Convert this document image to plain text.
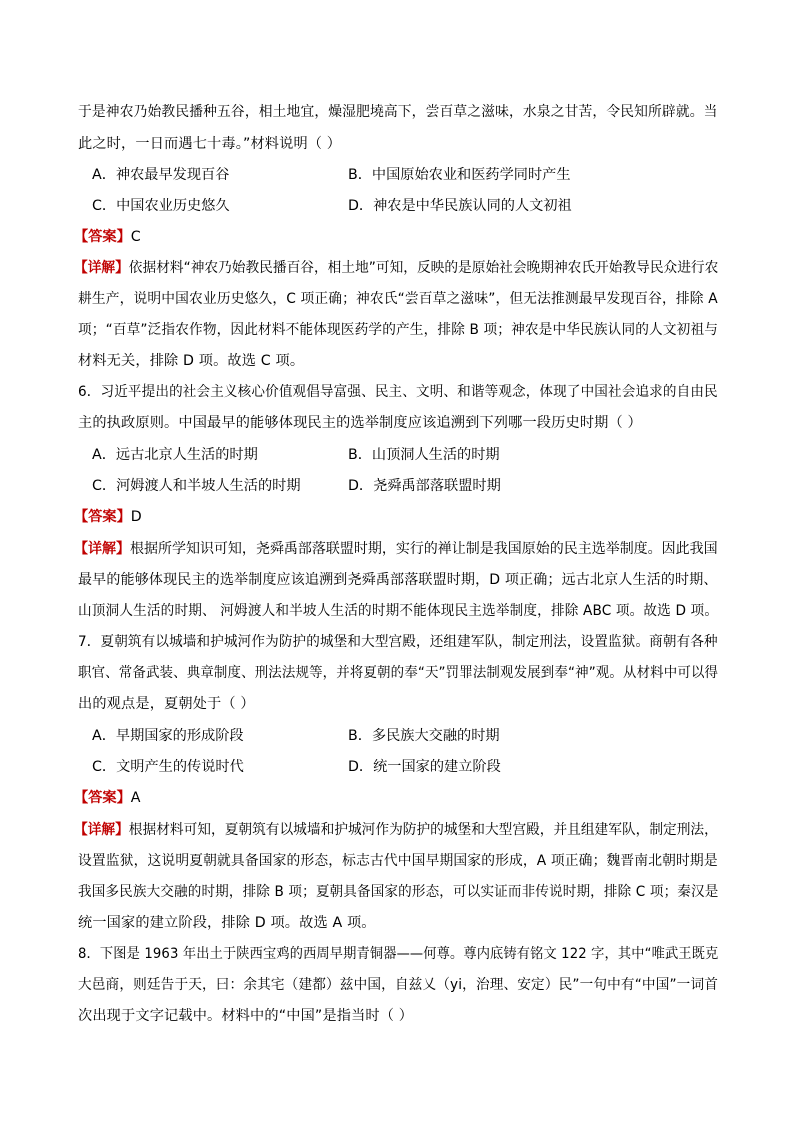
于是神农乃始教民播种五谷，相土地宜，燥湿肥墝高下，尝百草之滋味，水泉之甘苦，令民知所辟就。当
此之时，一日而遇七十毒。”材料说明（ ）
A．神农最早发现百谷	B．中国原始农业和医药学同时产生
C．中国农业历史悠久	D．神农是中华民族认同的人文初祖
【答案】C
【详解】依据材料“神农乃始教民播百谷，相土地”可知，反映的是原始社会晚期神农氏开始教导民众进行农
耕生产，说明中国农业历史悠久，C 项正确；神农氏“尝百草之滋味”，但无法推测最早发现百谷，排除 A
项；“百草”泛指农作物，因此材料不能体现医药学的产生，排除 B 项；神农是中华民族认同的人文初祖与
材料无关，排除 D 项。故选 C 项。
6．习近平提出的社会主义核心价值观倡导富强、民主、文明、和谐等观念，体现了中国社会追求的自由民
主的执政原则。中国最早的能够体现民主的选举制度应该追溯到下列哪一段历史时期（ ）
A．远古北京人生活的时期	B．山顶洞人生活的时期
C．河姆渡人和半坡人生活的时期	D．尧舜禹部落联盟时期
【答案】D
【详解】根据所学知识可知，尧舜禹部落联盟时期，实行的禅让制是我国原始的民主选举制度。因此我国
最早的能够体现民主的选举制度应该追溯到尧舜禹部落联盟时期，D 项正确；远古北京人生活的时期、
山顶洞人生活的时期、 河姆渡人和半坡人生活的时期不能体现民主选举制度，排除 ABC 项。故选 D 项。
7．夏朝筑有以城墙和护城河作为防护的城堡和大型宫殿，还组建军队，制定刑法，设置监狱。商朝有各种
职官、常备武装、典章制度、刑法法规等，并将夏朝的奉“天”罚罪法制观发展到奉“神”观。从材料中可以得
出的观点是，夏朝处于（ ）
A．早期国家的形成阶段	B．多民族大交融的时期
C．文明产生的传说时代	D．统一国家的建立阶段
【答案】A
【详解】根据材料可知，夏朝筑有以城墙和护城河作为防护的城堡和大型宫殿，并且组建军队，制定刑法，
设置监狱，这说明夏朝就具备国家的形态，标志古代中国早期国家的形成，A 项正确；魏晋南北朝时期是
我国多民族大交融的时期，排除 B 项；夏朝具备国家的形态，可以实证而非传说时期，排除 C 项；秦汉是
统一国家的建立阶段，排除 D 项。故选 A 项。
8．下图是 1963 年出土于陕西宝鸡的西周早期青铜器——何尊。尊内底铸有铭文 122 字，其中“唯武王既克
大邑商，则廷告于天，曰：余其宅（建都）兹中国，自兹乂（yi，治理、安定）民”一句中有“中国”一词首
次出现于文字记载中。材料中的“中国”是指当时（ ）
